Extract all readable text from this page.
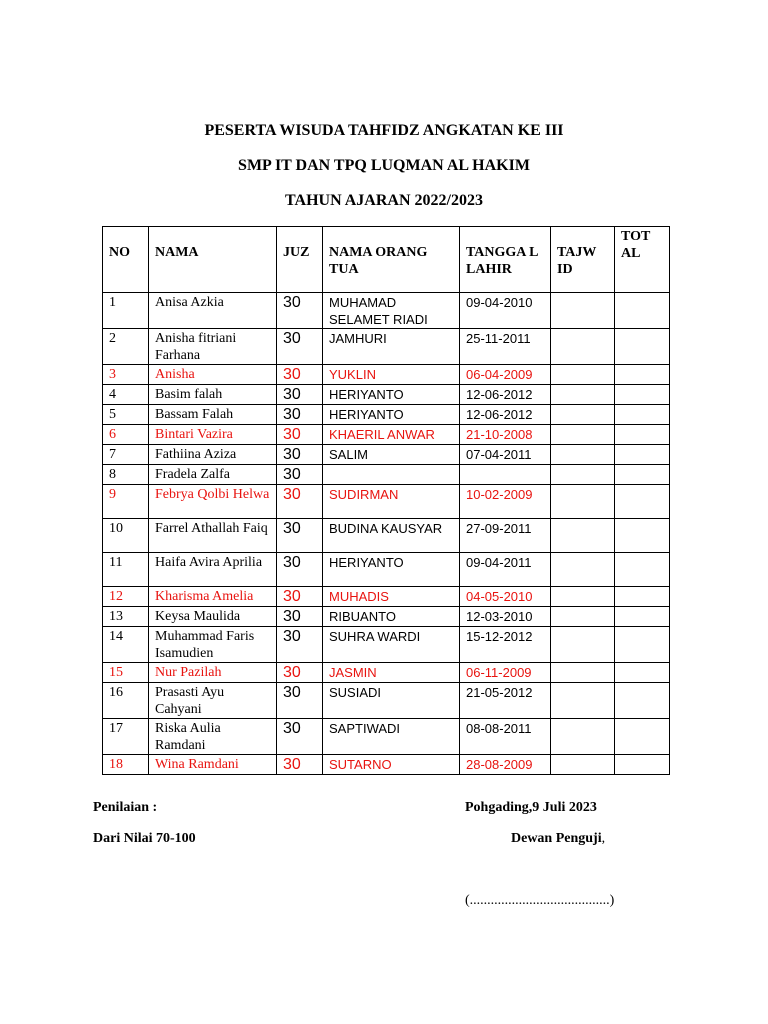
PESERTA WISUDA TAHFIDZ ANGKATAN KE III
SMP IT DAN TPQ LUQMAN AL HAKIM
TAHUN AJARAN 2022/2023
NO	NAMA	JUZ	NAMA ORANG TUA	TANGGA L LAHIR	TAJW ID	TOT AL
1	Anisa Azkia	30	MUHAMAD SELAMET RIADI	09-04-2010		
2	Anisha fitriani Farhana	30	JAMHURI	25-11-2011		
3	Anisha	30	YUKLIN	06-04-2009		
4	Basim falah	30	HERIYANTO	12-06-2012		
5	Bassam Falah	30	HERIYANTO	12-06-2012		
6	Bintari Vazira	30	KHAERIL ANWAR	21-10-2008		
7	Fathiina Aziza	30	SALIM	07-04-2011		
8	Fradela Zalfa	30				
9	Febrya Qolbi Helwa	30	SUDIRMAN	10-02-2009		
10	Farrel Athallah Faiq	30	BUDINA KAUSYAR	27-09-2011		
11	Haifa Avira Aprilia	30	HERIYANTO	09-04-2011		
12	Kharisma Amelia	30	MUHADIS	04-05-2010		
13	Keysa Maulida	30	RIBUANTO	12-03-2010		
14	Muhammad Faris Isamudien	30	SUHRA WARDI	15-12-2012		
15	Nur Pazilah	30	JASMIN	06-11-2009		
16	Prasasti Ayu Cahyani	30	SUSIADI	21-05-2012		
17	Riska Aulia Ramdani	30	SAPTIWADI	08-08-2011		
18	Wina Ramdani	30	SUTARNO	28-08-2009		
Penilaian :	Pohgading,9 Juli 2023
Dari Nilai 70-100	Dewan Penguji,
(........................................)
